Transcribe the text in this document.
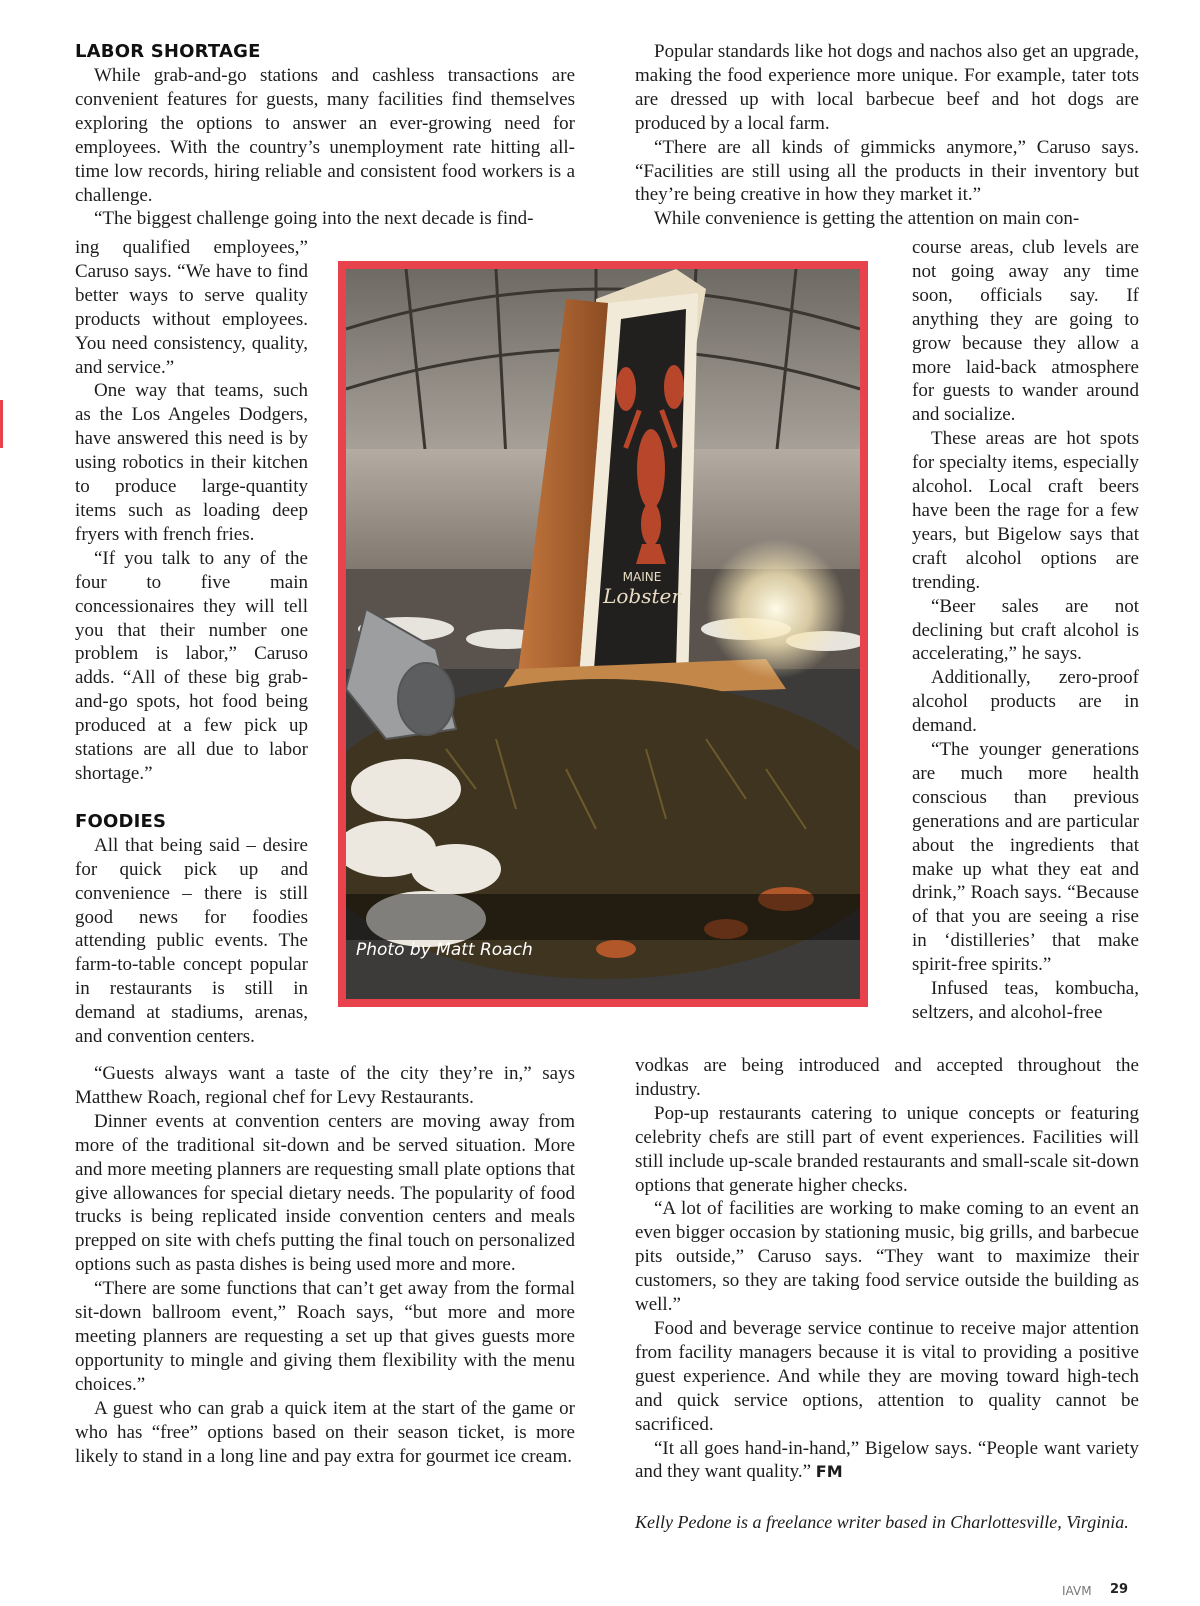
LABOR SHORTAGE

While grab-and-go stations and cashless transactions are convenient features for guests, many facilities find themselves exploring the options to answer an ever-growing need for employees. With the country’s unemployment rate hitting all-time low records, hiring reliable and consistent food workers is a challenge.

“The biggest challenge going into the next decade is find-

ing qualified employees,” Caruso says. “We have to find better ways to serve quality products without employees. You need consistency, quality, and service.”

One way that teams, such as the Los Angeles Dodgers, have answered this need is by using robotics in their kitchen to produce large-quantity items such as loading deep fryers with french fries.

“If you talk to any of the four to five main concessionaires they will tell you that their number one problem is labor,” Caruso adds. “All of these big grab-and-go spots, hot food being produced at a few pick up stations are all due to labor shortage.”

FOODIES

All that being said – desire for quick pick up and convenience – there is still good news for foodies attending public events. The farm-to-table concept popular in restaurants is still in demand at stadiums, arenas, and convention centers.

“Guests always want a taste of the city they’re in,” says Matthew Roach, regional chef for Levy Restaurants.

Dinner events at convention centers are moving away from more of the traditional sit-down and be served situation. More and more meeting planners are requesting small plate options that give allowances for special dietary needs. The popularity of food trucks is being replicated inside convention centers and meals prepped on site with chefs putting the final touch on personalized options such as pasta dishes is being used more and more.

“There are some functions that can’t get away from the formal sit-down ballroom event,” Roach says, “but more and more meeting planners are requesting a set up that gives guests more opportunity to mingle and giving them flexibility with the menu choices.”

A guest who can grab a quick item at the start of the game or who has “free” options based on their season ticket, is more likely to stand in a long line and pay extra for gourmet ice cream.

Popular standards like hot dogs and nachos also get an upgrade, making the food experience more unique. For example, tater tots are dressed up with local barbecue beef and hot dogs are produced by a local farm.

“There are all kinds of gimmicks anymore,” Caruso says. “Facilities are still using all the products in their inventory but they’re being creative in how they market it.”

While convenience is getting the attention on main con-

course areas, club levels are not going away any time soon, officials say. If anything they are going to grow because they allow a more laid-back atmosphere for guests to wander around and socialize.

These areas are hot spots for specialty items, especially alcohol. Local craft beers have been the rage for a few years, but Bigelow says that craft alcohol options are trending.

“Beer sales are not declining but craft alcohol is accelerating,” he says.

Additionally, zero-proof alcohol products are in demand.

“The younger generations are much more health conscious than previous generations and are particular about the ingredients that make up what they eat and drink,” Roach says. “Because of that you are seeing a rise in ‘distilleries’ that make spirit-free spirits.”

Infused teas, kombucha, seltzers, and alcohol-free

vodkas are being introduced and accepted throughout the industry.

Pop-up restaurants catering to unique concepts or featuring celebrity chefs are still part of event experiences. Facilities will still include up-scale branded restaurants and small-scale sit-down options that generate higher checks.

“A lot of facilities are working to make coming to an event an even bigger occasion by stationing music, big grills, and barbecue pits outside,” Caruso says. “They want to maximize their customers, so they are taking food service outside the building as well.”

Food and beverage service continue to receive major attention from facility managers because it is vital to providing a positive guest experience. And while they are moving toward high-tech and quick service options, attention to quality cannot be sacrificed.

“It all goes hand-in-hand,” Bigelow says. “People want variety and they want quality.” FM

Kelly Pedone is a freelance writer based in Charlottesville, Virginia.
MAINE
Lobster
Photo by Matt Roach
IAVM 29
